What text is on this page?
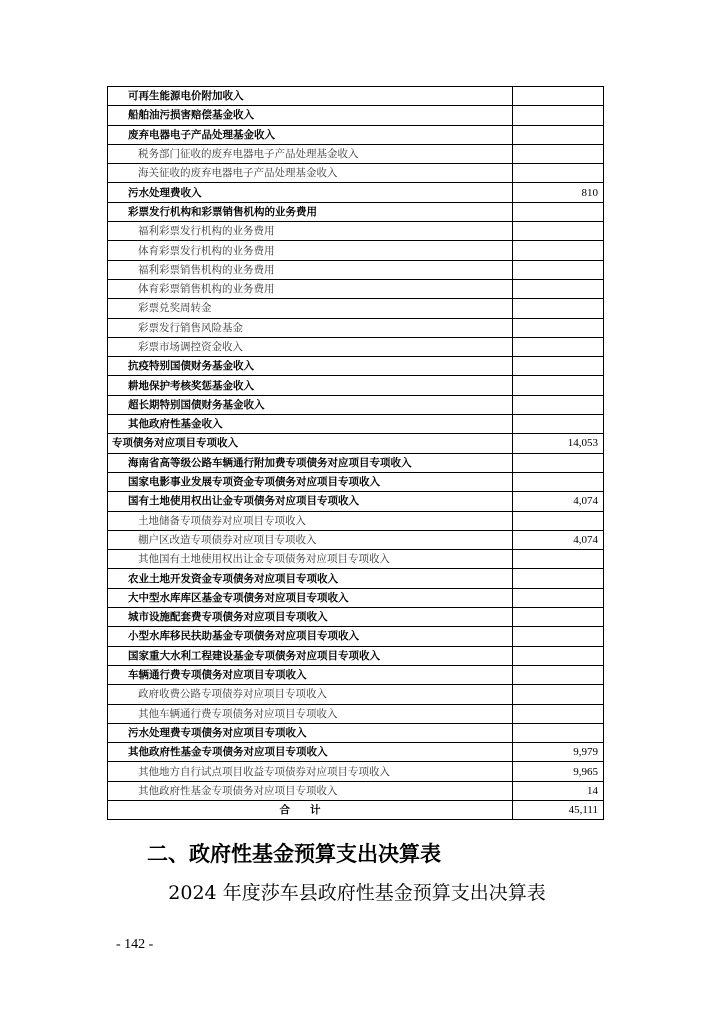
可再生能源电价附加收入	
船舶油污损害赔偿基金收入	
废弃电器电子产品处理基金收入	
税务部门征收的废弃电器电子产品处理基金收入	
海关征收的废弃电器电子产品处理基金收入	
污水处理费收入	810
彩票发行机构和彩票销售机构的业务费用	
福利彩票发行机构的业务费用	
体育彩票发行机构的业务费用	
福利彩票销售机构的业务费用	
体育彩票销售机构的业务费用	
彩票兑奖周转金	
彩票发行销售风险基金	
彩票市场调控资金收入	
抗疫特别国债财务基金收入	
耕地保护考核奖惩基金收入	
超长期特别国债财务基金收入	
其他政府性基金收入	
专项债务对应项目专项收入	14,053
海南省高等级公路车辆通行附加费专项债务对应项目专项收入	
国家电影事业发展专项资金专项债务对应项目专项收入	
国有土地使用权出让金专项债务对应项目专项收入	4,074
土地储备专项债券对应项目专项收入	
棚户区改造专项债券对应项目专项收入	4,074
其他国有土地使用权出让金专项债务对应项目专项收入	
农业土地开发资金专项债务对应项目专项收入	
大中型水库库区基金专项债务对应项目专项收入	
城市设施配套费专项债务对应项目专项收入	
小型水库移民扶助基金专项债务对应项目专项收入	
国家重大水利工程建设基金专项债务对应项目专项收入	
车辆通行费专项债务对应项目专项收入	
政府收费公路专项债券对应项目专项收入	
其他车辆通行费专项债务对应项目专项收入	
污水处理费专项债务对应项目专项收入	
其他政府性基金专项债务对应项目专项收入	9,979
其他地方自行试点项目收益专项债券对应项目专项收入	9,965
其他政府性基金专项债务对应项目专项收入	14
合计	45,111
二、政府性基金预算支出决算表
2024 年度莎车县政府性基金预算支出决算表
- 142 -
